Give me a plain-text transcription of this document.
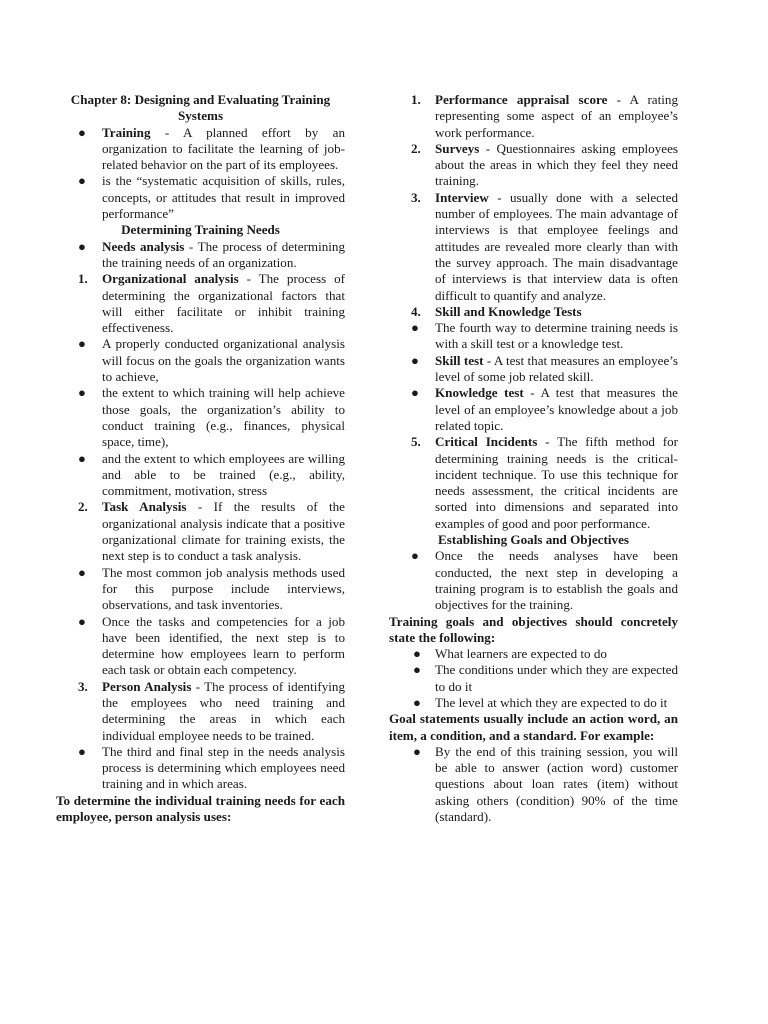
Chapter 8: Designing and Evaluating Training Systems
● Training - A planned effort by an organization to facilitate the learning of job-related behavior on the part of its employees.
● is the “systematic acquisition of skills, rules, concepts, or attitudes that result in improved performance”
Determining Training Needs
● Needs analysis - The process of determining the training needs of an organization.
1. Organizational analysis - The process of determining the organizational factors that will either facilitate or inhibit training effectiveness.
● A properly conducted organizational analysis will focus on the goals the organization wants to achieve,
● the extent to which training will help achieve those goals, the organization’s ability to conduct training (e.g., finances, physical space, time),
● and the extent to which employees are willing and able to be trained (e.g., ability, commitment, motivation, stress
2. Task Analysis - If the results of the organizational analysis indicate that a positive organizational climate for training exists, the next step is to conduct a task analysis.
● The most common job analysis methods used for this purpose include interviews, observations, and task inventories.
● Once the tasks and competencies for a job have been identified, the next step is to determine how employees learn to perform each task or obtain each competency.
3. Person Analysis - The process of identifying the employees who need training and determining the areas in which each individual employee needs to be trained.
● The third and final step in the needs analysis process is determining which employees need training and in which areas.
To determine the individual training needs for each employee, person analysis uses:
1. Performance appraisal score - A rating representing some aspect of an employee’s work performance.
2. Surveys - Questionnaires asking employees about the areas in which they feel they need training.
3. Interview - usually done with a selected number of employees. The main advantage of interviews is that employee feelings and attitudes are revealed more clearly than with the survey approach. The main disadvantage of interviews is that interview data is often difficult to quantify and analyze.
4. Skill and Knowledge Tests
● The fourth way to determine training needs is with a skill test or a knowledge test.
● Skill test - A test that measures an employee’s level of some job related skill.
● Knowledge test - A test that measures the level of an employee’s knowledge about a job related topic.
5. Critical Incidents - The fifth method for determining training needs is the critical-incident technique. To use this technique for needs assessment, the critical incidents are sorted into dimensions and separated into examples of good and poor performance.
Establishing Goals and Objectives
● Once the needs analyses have been conducted, the next step in developing a training program is to establish the goals and objectives for the training.
Training goals and objectives should concretely state the following:
● What learners are expected to do
● The conditions under which they are expected to do it
● The level at which they are expected to do it
Goal statements usually include an action word, an item, a condition, and a standard. For example:
● By the end of this training session, you will be able to answer (action word) customer questions about loan rates (item) without asking others (condition) 90% of the time (standard).
